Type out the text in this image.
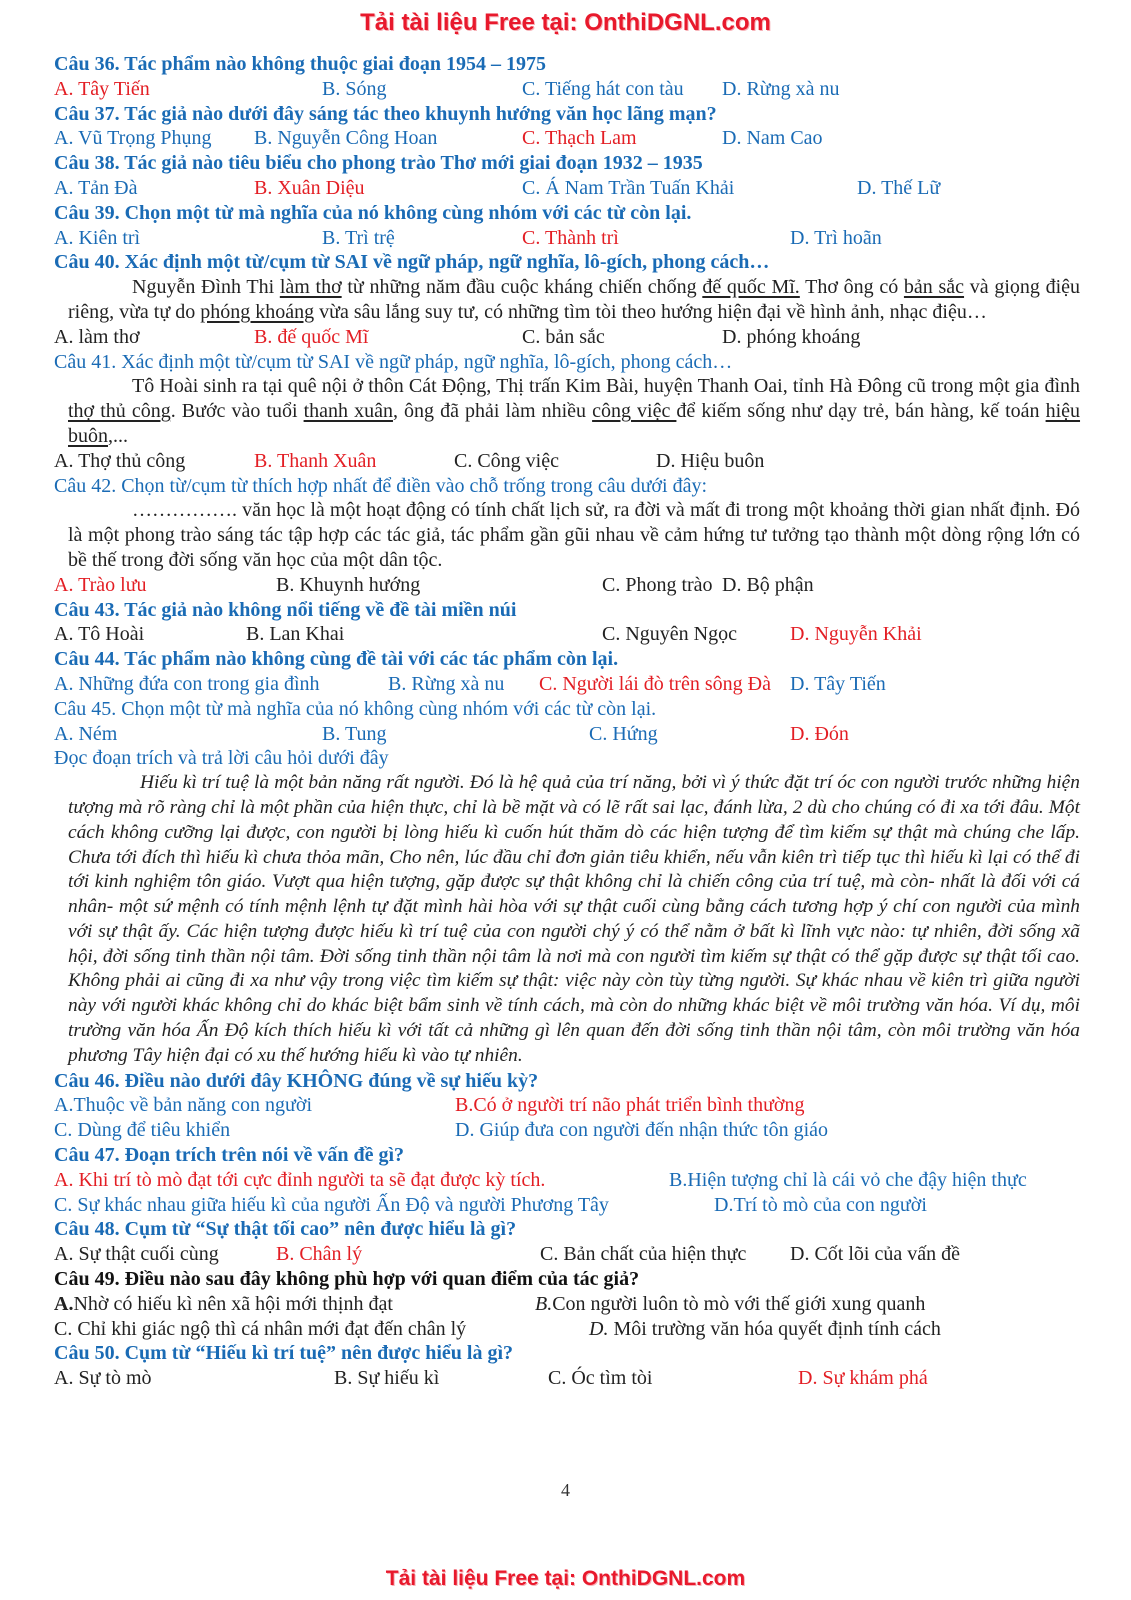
Tải tài liệu Free tại: OnthiDGNL.com
Câu 36. Tác phẩm nào không thuộc giai đoạn 1954 – 1975
A. Tây Tiến	B. Sóng	C. Tiếng hát con tàu D. Rừng xà nu
Câu 37. Tác giả nào dưới đây sáng tác theo khuynh hướng văn học lãng mạn?
A. Vũ Trọng Phụng B. Nguyễn Công Hoan	C. Thạch Lam	D. Nam Cao
Câu 38. Tác giả nào tiêu biểu cho phong trào Thơ mới giai đoạn 1932 – 1935
A. Tản Đà	B. Xuân Diệu	C. Á Nam Trần Tuấn Khải	D. Thế Lữ
Câu 39. Chọn một từ mà nghĩa của nó không cùng nhóm với các từ còn lại.
A. Kiên trì	B. Trì trệ	C. Thành trì	D. Trì hoãn
Câu 40. Xác định một từ/cụm từ SAI về ngữ pháp, ngữ nghĩa, lô-gích, phong cách…
Nguyễn Đình Thi làm thơ từ những năm đầu cuộc kháng chiến chống đế quốc Mĩ. Thơ ông có bản sắc và giọng điệu riêng, vừa tự do phóng khoáng vừa sâu lắng suy tư, có những tìm tòi theo hướng hiện đại về hình ảnh, nhạc điệu…
A. làm thơ	B. đế quốc Mĩ	C. bản sắc	D. phóng khoáng
Câu 41. Xác định một từ/cụm từ SAI về ngữ pháp, ngữ nghĩa, lô-gích, phong cách…
Tô Hoài sinh ra tại quê nội ở thôn Cát Động, Thị trấn Kim Bài, huyện Thanh Oai, tỉnh Hà Đông cũ trong một gia đình thợ thủ công. Bước vào tuổi thanh xuân, ông đã phải làm nhiều công việc để kiếm sống như dạy trẻ, bán hàng, kế toán hiệu buôn,...
A. Thợ thủ công	B. Thanh Xuân	C. Công việc	D. Hiệu buôn
Câu 42. Chọn từ/cụm từ thích hợp nhất để điền vào chỗ trống trong câu dưới đây:
……………. văn học là một hoạt động có tính chất lịch sử, ra đời và mất đi trong một khoảng thời gian nhất định. Đó là một phong trào sáng tác tập hợp các tác giả, tác phẩm gần gũi nhau về cảm hứng tư tưởng tạo thành một dòng rộng lớn có bề thế trong đời sống văn học của một dân tộc.
A. Trào lưu	B. Khuynh hướng	C. Phong trào D. Bộ phận
Câu 43. Tác giả nào không nổi tiếng về đề tài miền núi
A. Tô Hoài	B. Lan Khai	C. Nguyên Ngọc	D. Nguyễn Khải
Câu 44. Tác phẩm nào không cùng đề tài với các tác phẩm còn lại.
A. Những đứa con trong gia đình	B. Rừng xà nu C. Người lái đò trên sông Đà D. Tây Tiến
Câu 45. Chọn một từ mà nghĩa của nó không cùng nhóm với các từ còn lại.
A. Ném	B. Tung	C. Hứng	D. Đón
Đọc đoạn trích và trả lời câu hỏi dưới đây
Hiếu kì trí tuệ là một bản năng rất người. Đó là hệ quả của trí năng, bởi vì ý thức đặt trí óc con người trước những hiện tượng mà rõ ràng chỉ là một phần của hiện thực, chỉ là bề mặt và có lẽ rất sai lạc, đánh lừa, 2 dù cho chúng có đi xa tới đâu. Một cách không cưỡng lại được, con người bị lòng hiếu kì cuốn hút thăm dò các hiện tượng để tìm kiếm sự thật mà chúng che lấp. Chưa tới đích thì hiếu kì chưa thỏa mãn, Cho nên, lúc đầu chỉ đơn giản tiêu khiển, nếu vẫn kiên trì tiếp tục thì hiếu kì lại có thể đi tới kinh nghiệm tôn giáo. Vượt qua hiện tượng, gặp được sự thật không chỉ là chiến công của trí tuệ, mà còn- nhất là đối với cá nhân- một sứ mệnh có tính mệnh lệnh tự đặt mình hài hòa với sự thật cuối cùng bằng cách tương hợp ý chí con người của mình với sự thật ấy. Các hiện tượng được hiếu kì trí tuệ của con người chý ý có thể nằm ở bất kì lĩnh vực nào: tự nhiên, đời sống xã hội, đời sống tinh thần nội tâm. Đời sống tinh thần nội tâm là nơi mà con người tìm kiếm sự thật có thể gặp được sự thật tối cao. Không phải ai cũng đi xa như vậy trong việc tìm kiếm sự thật: việc này còn tùy từng người. Sự khác nhau về kiên trì giữa người này với người khác không chỉ do khác biệt bẩm sinh về tính cách, mà còn do những khác biệt về môi trường văn hóa. Ví dụ, môi trường văn hóa Ấn Độ kích thích hiếu kì với tất cả những gì lên quan đến đời sống tinh thần nội tâm, còn môi trường văn hóa phương Tây hiện đại có xu thế hướng hiếu kì vào tự nhiên.
Câu 46. Điều nào dưới đây KHÔNG đúng về sự hiếu kỳ?
A.Thuộc về bản năng con người	B.Có ở người trí não phát triển bình thường
C. Dùng để tiêu khiển	D. Giúp đưa con người đến nhận thức tôn giáo
Câu 47. Đoạn trích trên nói về vấn đề gì?
A. Khi trí tò mò đạt tới cực đỉnh người ta sẽ đạt được kỳ tích.	B.Hiện tượng chỉ là cái vỏ che đậy hiện thực
C. Sự khác nhau giữa hiếu kì của người Ấn Độ và người Phương Tây	D.Trí tò mò của con người
Câu 48. Cụm từ “Sự thật tối cao” nên được hiểu là gì?
A. Sự thật cuối cùng	B. Chân lý	C. Bản chất của hiện thực D. Cốt lõi của vấn đề
Câu 49. Điều nào sau đây không phù hợp với quan điểm của tác giả?
A.Nhờ có hiếu kì nên xã hội mới thịnh đạt	B.Con người luôn tò mò với thế giới xung quanh
C. Chỉ khi giác ngộ thì cá nhân mới đạt đến chân lý	D. Môi trường văn hóa quyết định tính cách
Câu 50. Cụm từ “Hiếu kì trí tuệ” nên được hiểu là gì?
A. Sự tò mò	B. Sự hiếu kì	C. Óc tìm tòi	D. Sự khám phá
4
Tải tài liệu Free tại: OnthiDGNL.com
